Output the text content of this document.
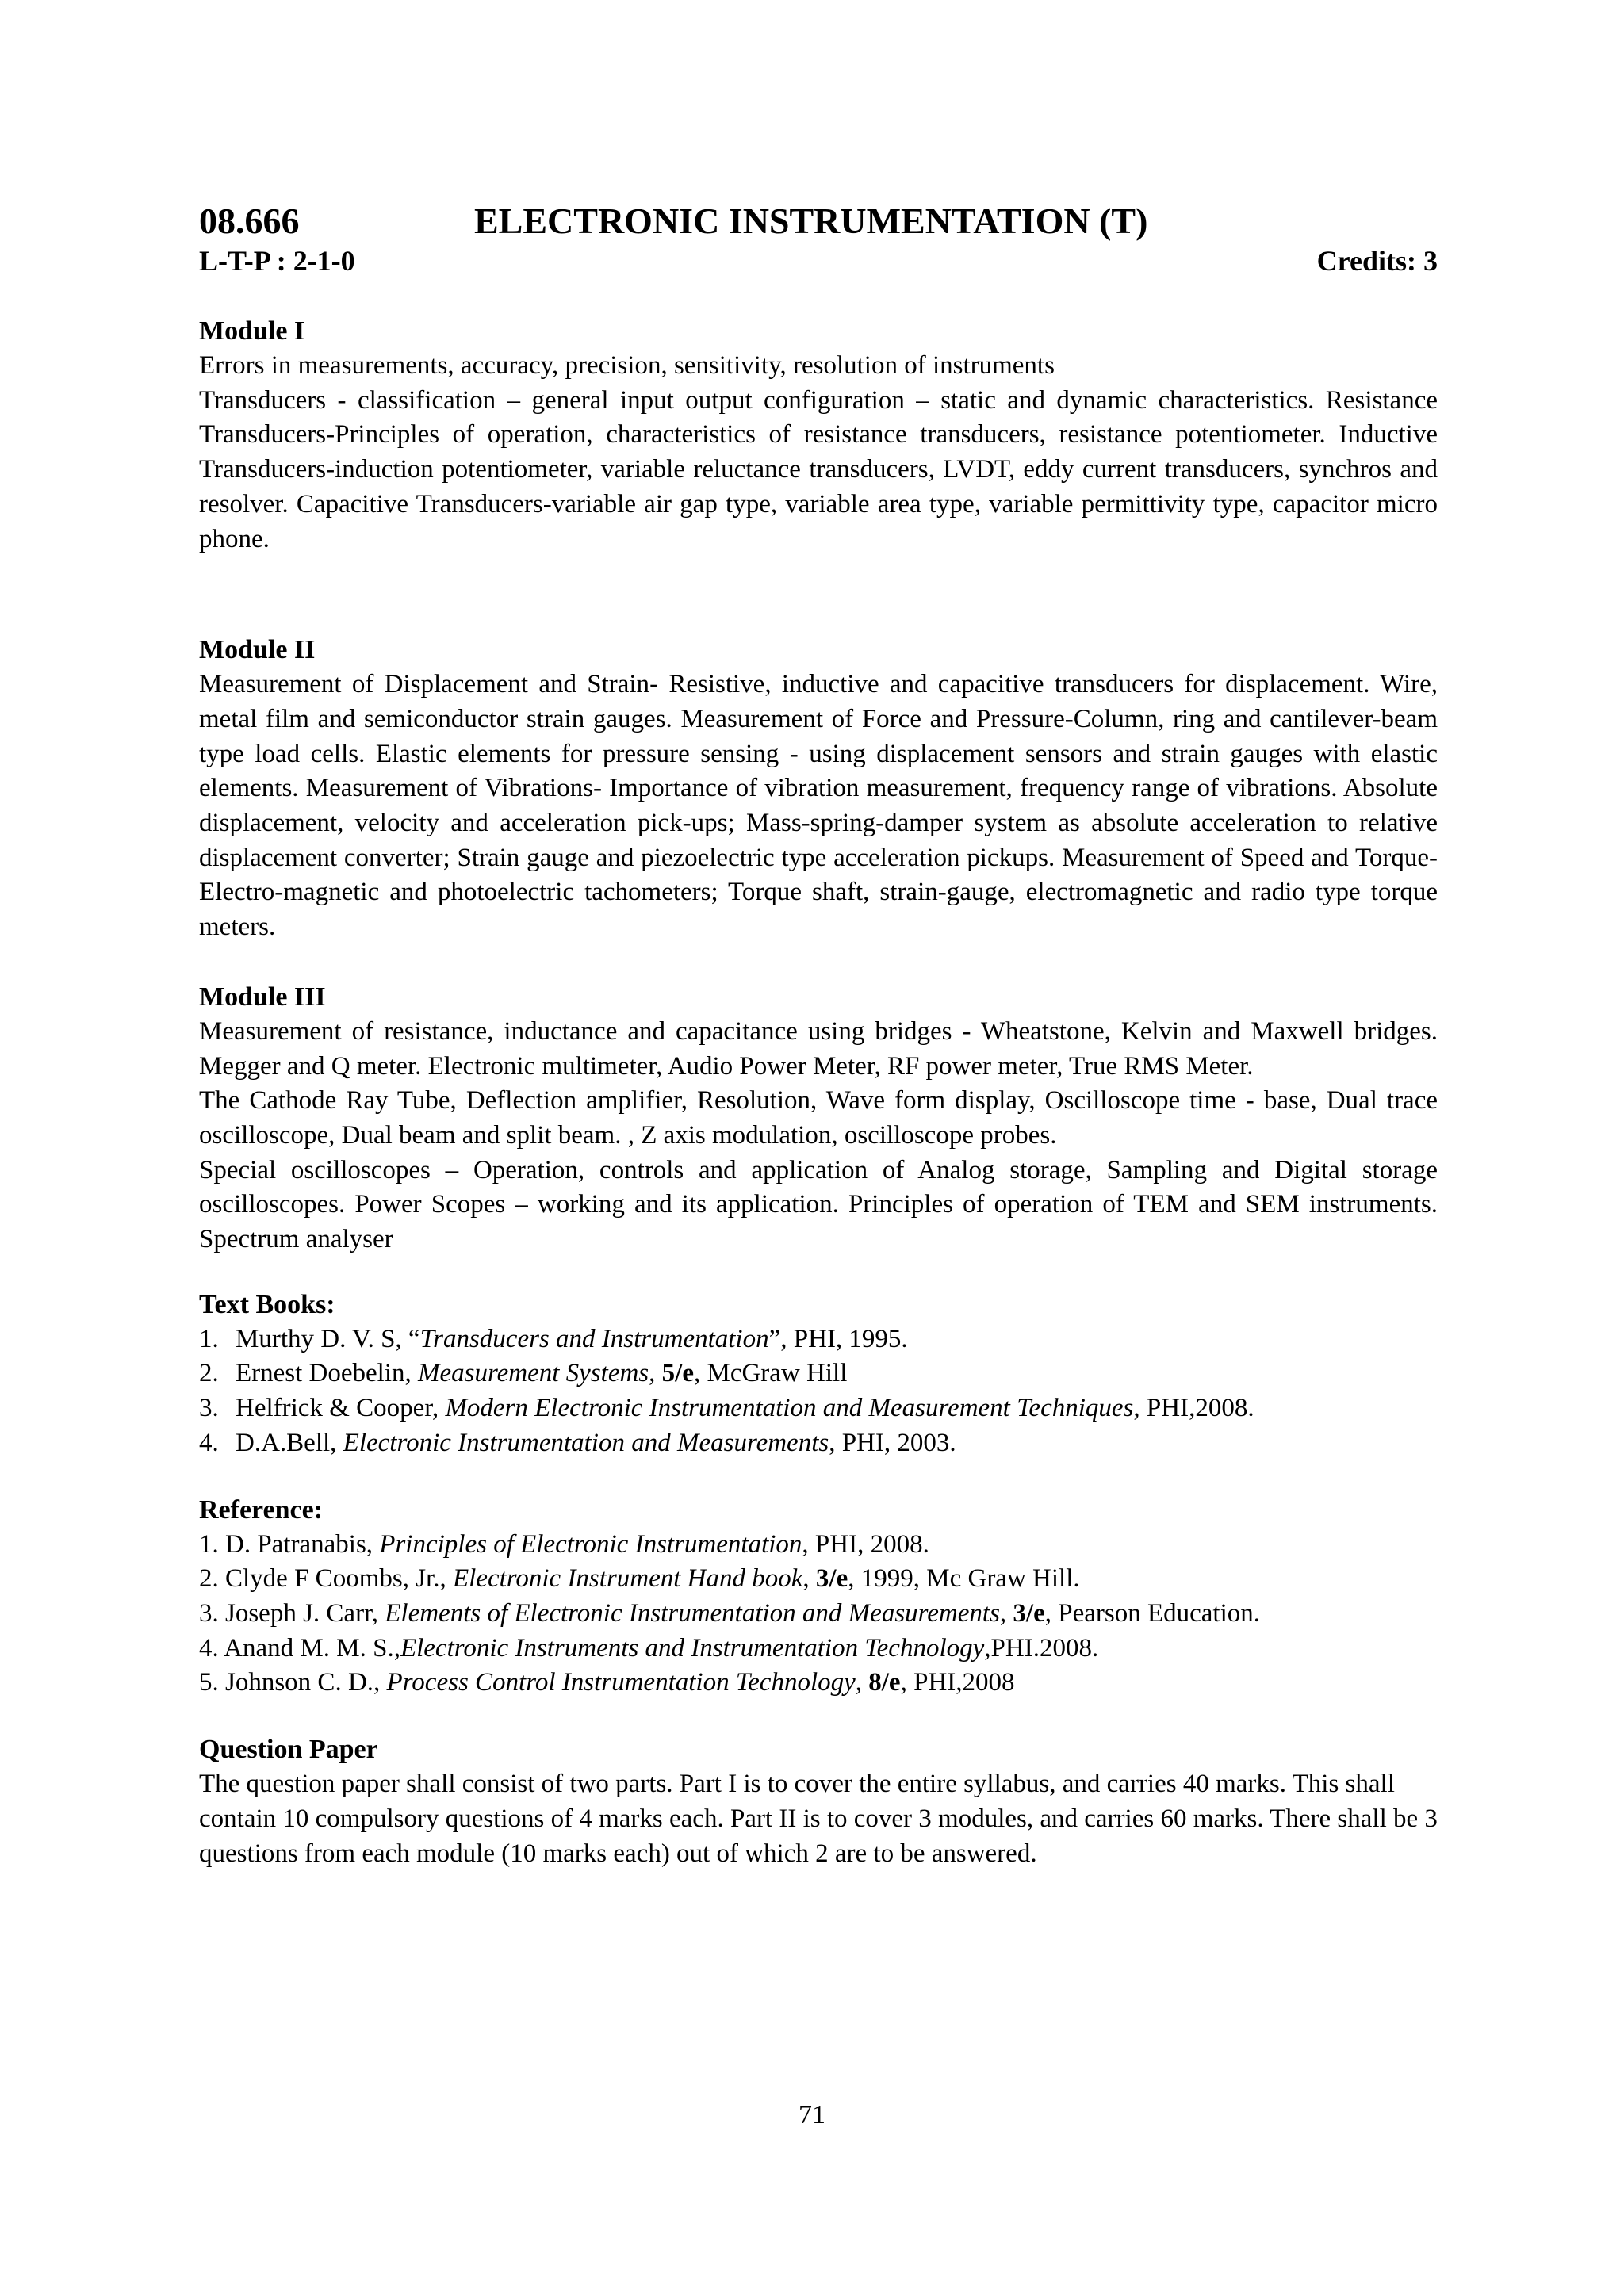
08.666	ELECTRONIC INSTRUMENTATION (T)
L-T-P : 2-1-0	Credits: 3
Module I
Errors in measurements, accuracy, precision, sensitivity, resolution of instruments
Transducers - classification – general input output configuration – static and dynamic characteristics. Resistance Transducers-Principles of operation, characteristics of resistance transducers, resistance potentiometer. Inductive Transducers-induction potentiometer, variable reluctance transducers, LVDT, eddy current transducers, synchros and resolver. Capacitive Transducers-variable air gap type, variable area type, variable permittivity type, capacitor micro phone.
Module II
Measurement of Displacement and Strain- Resistive, inductive and capacitive transducers for displacement. Wire, metal film and semiconductor strain gauges. Measurement of Force and Pressure-Column, ring and cantilever-beam type load cells. Elastic elements for pressure sensing - using displacement sensors and strain gauges with elastic elements. Measurement of Vibrations- Importance of vibration measurement, frequency range of vibrations. Absolute displacement, velocity and acceleration pick-ups; Mass-spring-damper system as absolute acceleration to relative displacement converter; Strain gauge and piezoelectric type acceleration pickups. Measurement of Speed and Torque- Electro-magnetic and photoelectric tachometers; Torque shaft, strain-gauge, electromagnetic and radio type torque meters.
Module III
Measurement of resistance, inductance and capacitance using bridges - Wheatstone, Kelvin and Maxwell bridges. Megger and Q meter. Electronic multimeter, Audio Power Meter, RF power meter, True RMS Meter.
The Cathode Ray Tube, Deflection amplifier, Resolution, Wave form display, Oscilloscope time - base, Dual trace oscilloscope, Dual beam and split beam. , Z axis modulation, oscilloscope probes.
Special oscilloscopes – Operation, controls and application of Analog storage, Sampling and Digital storage oscilloscopes. Power Scopes – working and its application. Principles of operation of TEM and SEM instruments. Spectrum analyser
Text Books:
1. Murthy D. V. S, “Transducers and Instrumentation”, PHI, 1995.
2. Ernest Doebelin, Measurement Systems, 5/e, McGraw Hill
3. Helfrick & Cooper, Modern Electronic Instrumentation and Measurement Techniques, PHI,2008.
4. D.A.Bell, Electronic Instrumentation and Measurements, PHI, 2003.
Reference:
1. D. Patranabis, Principles of Electronic Instrumentation, PHI, 2008.
2. Clyde F Coombs, Jr., Electronic Instrument Hand book, 3/e, 1999, Mc Graw Hill.
3. Joseph J. Carr, Elements of Electronic Instrumentation and Measurements, 3/e, Pearson Education.
4. Anand M. M. S.,Electronic Instruments and Instrumentation Technology,PHI.2008.
5. Johnson C. D., Process Control Instrumentation Technology, 8/e, PHI,2008
Question Paper
The question paper shall consist of two parts. Part I is to cover the entire syllabus, and carries 40 marks. This shall contain 10 compulsory questions of 4 marks each. Part II is to cover 3 modules, and carries 60 marks. There shall be 3 questions from each module (10 marks each) out of which 2 are to be answered.
71
